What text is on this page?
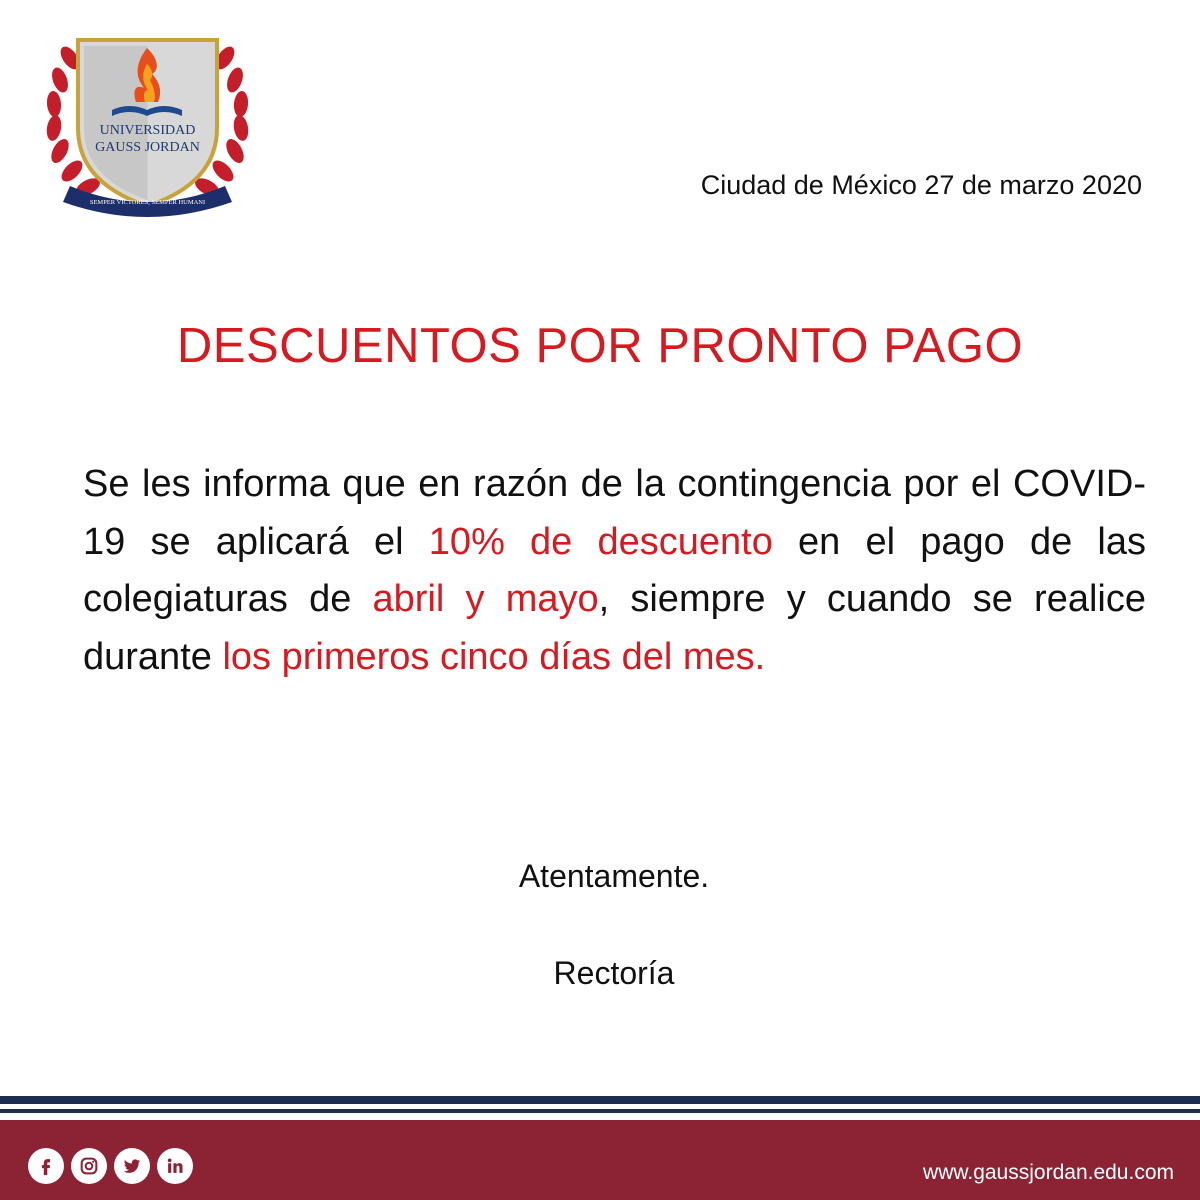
UNIVERSIDAD
GAUSS JORDAN
SEMPER VICTORES, SEMPER HUMANI
Ciudad de México 27 de marzo 2020
DESCUENTOS POR PRONTO PAGO
Se les informa que en razón de la contingencia por el COVID-19 se aplicará el 10% de descuento en el pago de las colegiaturas de abril y mayo, siempre y cuando se realice durante los primeros cinco días del mes.
Atentamente.
Rectoría
www.gaussjordan.edu.com
